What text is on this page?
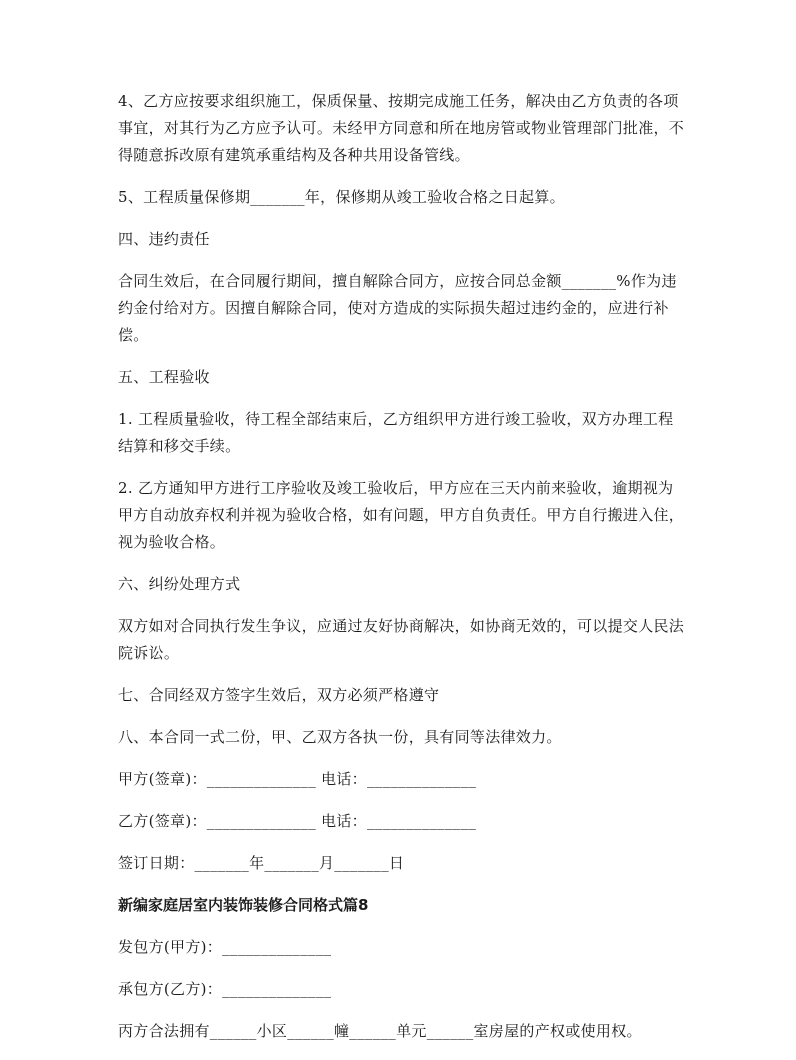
4、乙方应按要求组织施工，保质保量、按期完成施工任务，解决由乙方负责的各项事宜，对其行为乙方应予认可。未经甲方同意和所在地房管或物业管理部门批准，不得随意拆改原有建筑承重结构及各种共用设备管线。

5、工程质量保修期_______年，保修期从竣工验收合格之日起算。

四、违约责任

合同生效后，在合同履行期间，擅自解除合同方，应按合同总金额_______%作为违约金付给对方。因擅自解除合同，使对方造成的实际损失超过违约金的，应进行补偿。

五、工程验收

1. 工程质量验收，待工程全部结束后，乙方组织甲方进行竣工验收，双方办理工程结算和移交手续。

2. 乙方通知甲方进行工序验收及竣工验收后，甲方应在三天内前来验收，逾期视为甲方自动放弃权利并视为验收合格，如有问题，甲方自负责任。甲方自行搬进入住，视为验收合格。

六、纠纷处理方式

双方如对合同执行发生争议，应通过友好协商解决，如协商无效的，可以提交人民法院诉讼。

七、合同经双方签字生效后，双方必须严格遵守

八、本合同一式二份，甲、乙双方各执一份，具有同等法律效力。

甲方(签章)：______________ 电话：______________

乙方(签章)：______________ 电话：______________

签订日期：_______年_______月_______日

新编家庭居室内装饰装修合同格式篇8

发包方(甲方)：______________

承包方(乙方)：______________

丙方合法拥有______小区______幢______单元______室房屋的产权或使用权。
